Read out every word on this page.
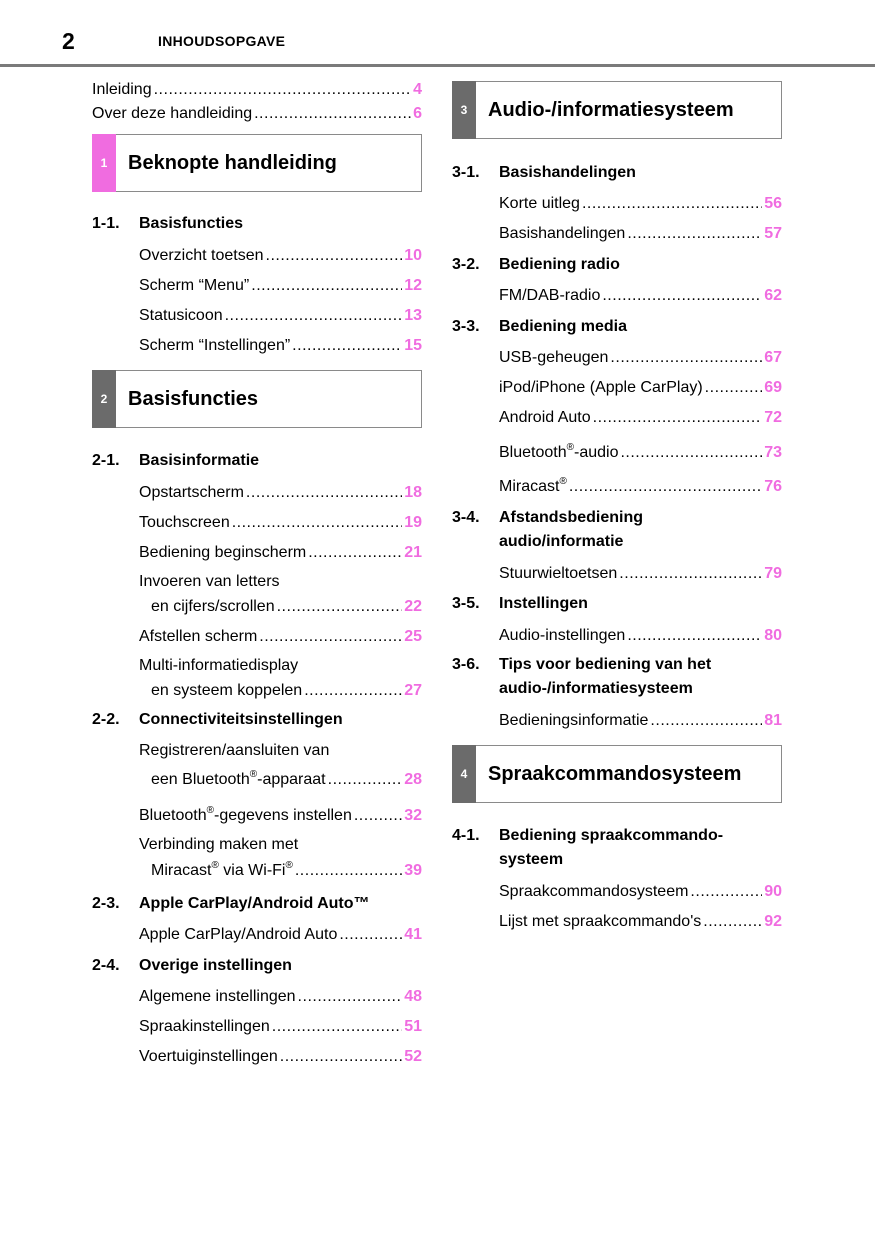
2	INHOUDSOPGAVE
Inleiding .....	4
Over deze handleiding .....	6
1	Beknopte handleiding
1-1. Basisfuncties
Overzicht toetsen .....	10
Scherm “Menu” .....	12
Statusicoon .....	13
Scherm “Instellingen” .....	15
2	Basisfuncties
2-1. Basisinformatie
Opstartscherm .....	18
Touchscreen .....	19
Bediening beginscherm .....	21
Invoeren van letters
en cijfers/scrollen .....	22
Afstellen scherm .....	25
Multi-informatiedisplay
en systeem koppelen .....	27
2-2. Connectiviteitsinstellingen
Registreren/aansluiten van
een Bluetooth®-apparaat .....	28
Bluetooth®-gegevens instellen .....	32
Verbinding maken met
Miracast® via Wi-Fi® .....	39
2-3. Apple CarPlay/Android Auto™
Apple CarPlay/Android Auto .....	41
2-4. Overige instellingen
Algemene instellingen .....	48
Spraakinstellingen .....	51
Voertuiginstellingen .....	52
3	Audio-/informatiesysteem
3-1. Basishandelingen
Korte uitleg .....	56
Basishandelingen .....	57
3-2. Bediening radio
FM/DAB-radio .....	62
3-3. Bediening media
USB-geheugen .....	67
iPod/iPhone (Apple CarPlay) .....	69
Android Auto .....	72
Bluetooth®-audio .....	73
Miracast® .....	76
3-4. Afstandsbediening
audio/informatie
Stuurwieltoetsen .....	79
3-5. Instellingen
Audio-instellingen .....	80
3-6. Tips voor bediening van het
audio-/informatiesysteem
Bedieningsinformatie .....	81
4	Spraakcommandosysteem
4-1. Bediening spraakcommando-
systeem
Spraakcommandosysteem .....	90
Lijst met spraakcommando's .....	92
